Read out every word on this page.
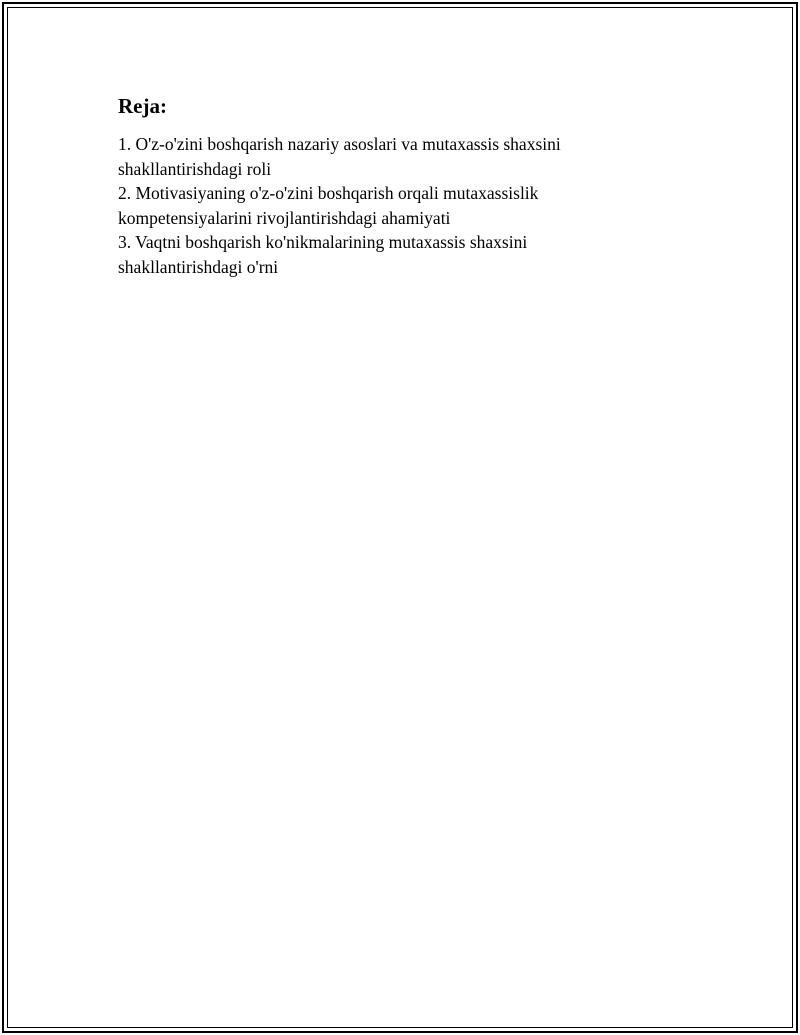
Reja:
1. O'z-o'zini boshqarish nazariy asoslari va mutaxassis shaxsini shakllantirishdagi roli
2. Motivasiyaning o'z-o'zini boshqarish orqali mutaxassislik kompetensiyalarini rivojlantirishdagi ahamiyati
3. Vaqtni boshqarish ko'nikmalarining mutaxassis shaxsini shakllantirishdagi o'rni
